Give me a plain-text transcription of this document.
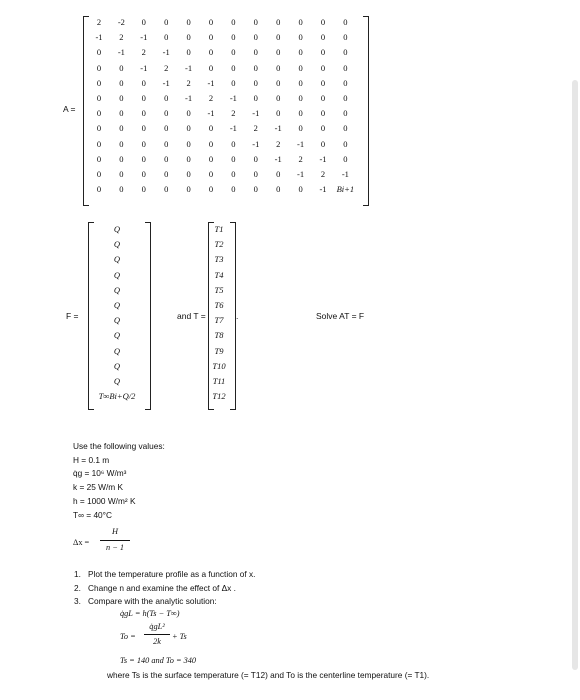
A =
2	-2	0	0	0	0	0	0	0	0	0	0
-1	2	-1	0	0	0	0	0	0	0	0	0
0	-1	2	-1	0	0	0	0	0	0	0	0
0	0	-1	2	-1	0	0	0	0	0	0	0
0	0	0	-1	2	-1	0	0	0	0	0	0
0	0	0	0	-1	2	-1	0	0	0	0	0
0	0	0	0	0	-1	2	-1	0	0	0	0
0	0	0	0	0	0	-1	2	-1	0	0	0
0	0	0	0	0	0	0	-1	2	-1	0	0
0	0	0	0	0	0	0	0	-1	2	-1	0
0	0	0	0	0	0	0	0	0	-1	2	-1
0	0	0	0	0	0	0	0	0	0	-1	Bi+1
F =
Q
Q
Q
Q
Q
Q
Q
Q
Q
Q
Q
T∞Bi+Q/2
and T =
T1
T2
T3
T4
T5
T6
T7
T8
T9
T10
T11
T12
.	Solve AT = F
Use the following values:
H = 0.1 m
q̇g = 10⁶ W/m³
k = 25 W/m K
h = 1000 W/m² K
T∞ = 40°C
Δx =
H
n − 1
1. Plot the temperature profile as a function of x.
2. Change n and examine the effect of Δx .
3. Compare with the analytic solution:
q̇gL = h(Ts − T∞)
To =
q̇gL²
2k
+ Ts
Ts = 140 and To = 340
where Ts is the surface temperature (= T12) and To is the centerline temperature (= T1).
